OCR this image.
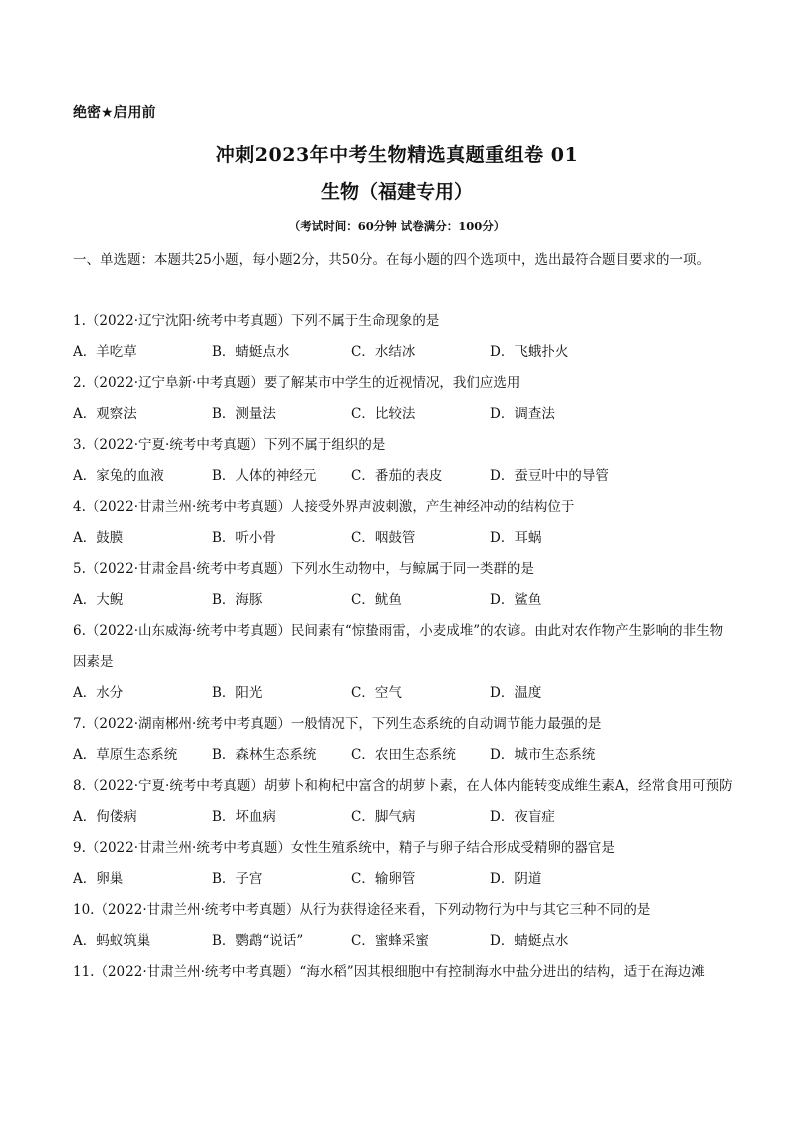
绝密★启用前
冲刺2023年中考生物精选真题重组卷 01
生物（福建专用）
（考试时间：60分钟 试卷满分：100分）
一、单选题：本题共25小题，每小题2分，共50分。在每小题的四个选项中，选出最符合题目要求的一项。
1.（2022·辽宁沈阳·统考中考真题）下列不属于生命现象的是
A．羊吃草	B．蜻蜓点水	C．水结冰	D．飞蛾扑火
2.（2022·辽宁阜新·中考真题）要了解某市中学生的近视情况，我们应选用
A．观察法	B．测量法	C．比较法	D．调查法
3.（2022·宁夏·统考中考真题）下列不属于组织的是
A．家兔的血液	B．人体的神经元	C．番茄的表皮	D．蚕豆叶中的导管
4.（2022·甘肃兰州·统考中考真题）人接受外界声波刺激，产生神经冲动的结构位于
A．鼓膜	B．听小骨	C．咽鼓管	D．耳蜗
5.（2022·甘肃金昌·统考中考真题）下列水生动物中，与鲸属于同一类群的是
A．大鲵	B．海豚	C．鱿鱼	D．鲨鱼
6.（2022·山东威海·统考中考真题）民间素有“惊蛰雨雷，小麦成堆”的农谚。由此对农作物产生影响的非生物因素是
A．水分	B．阳光	C．空气	D．温度
7.（2022·湖南郴州·统考中考真题）一般情况下，下列生态系统的自动调节能力最强的是
A．草原生态系统	B．森林生态系统	C．农田生态系统	D．城市生态系统
8.（2022·宁夏·统考中考真题）胡萝卜和枸杞中富含的胡萝卜素，在人体内能转变成维生素A，经常食用可预防
A．佝偻病	B．坏血病	C．脚气病	D．夜盲症
9.（2022·甘肃兰州·统考中考真题）女性生殖系统中，精子与卵子结合形成受精卵的器官是
A．卵巢	B．子宫	C．输卵管	D．阴道
10.（2022·甘肃兰州·统考中考真题）从行为获得途径来看，下列动物行为中与其它三种不同的是
A．蚂蚁筑巢	B．鹦鹉“说话”	C．蜜蜂采蜜	D．蜻蜓点水
11.（2022·甘肃兰州·统考中考真题）“海水稻”因其根细胞中有控制海水中盐分进出的结构，适于在海边滩
